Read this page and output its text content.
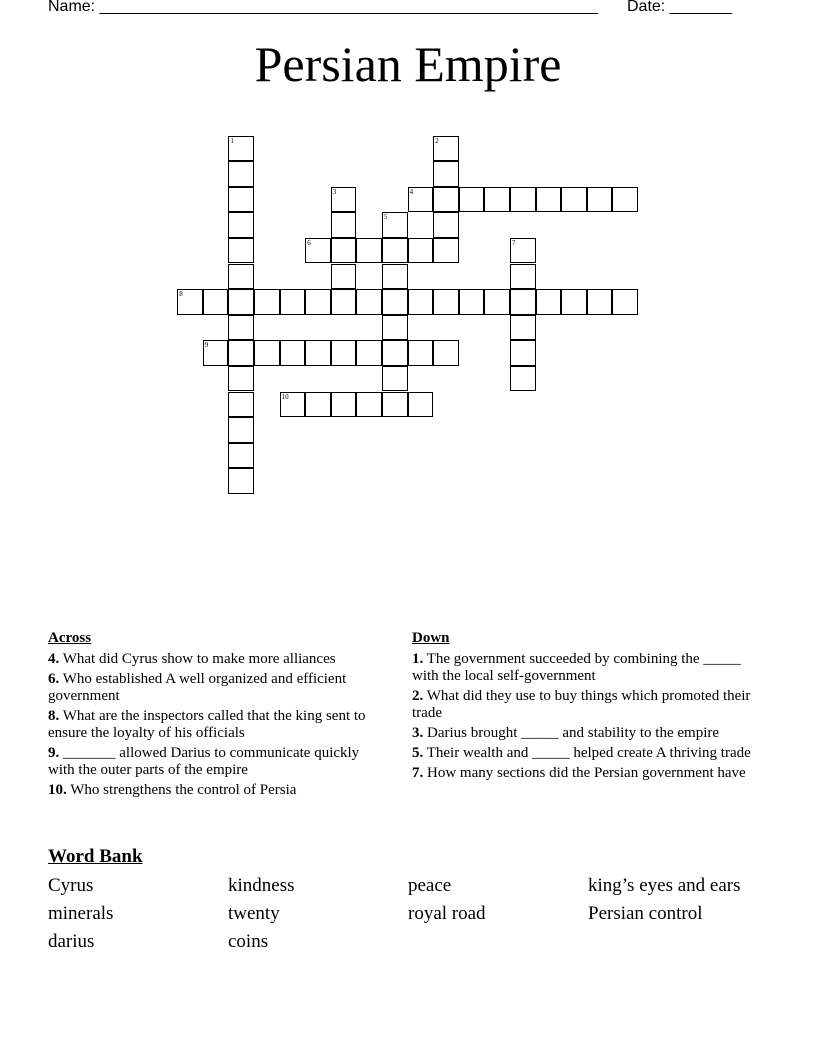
Name: ________________________________________________________ Date: _______
Persian Empire
4
6
8
9
10
1	2
3
5
7
Across
4. What did Cyrus show to make more alliances
6. Who established A well organized and efficient government
8. What are the inspectors called that the king sent to ensure the loyalty of his officials
9. _______ allowed Darius to communicate quickly with the outer parts of the empire
10. Who strengthens the control of Persia
Down
1. The government succeeded by combining the _____ with the local self-government
2. What did they use to buy things which promoted their trade
3. Darius brought _____ and stability to the empire
5. Their wealth and _____ helped create A thriving trade
7. How many sections did the Persian government have
Word Bank
Cyrus	kindness	peace	king’s eyes and ears
minerals	twenty	royal road	Persian control
darius	coins
